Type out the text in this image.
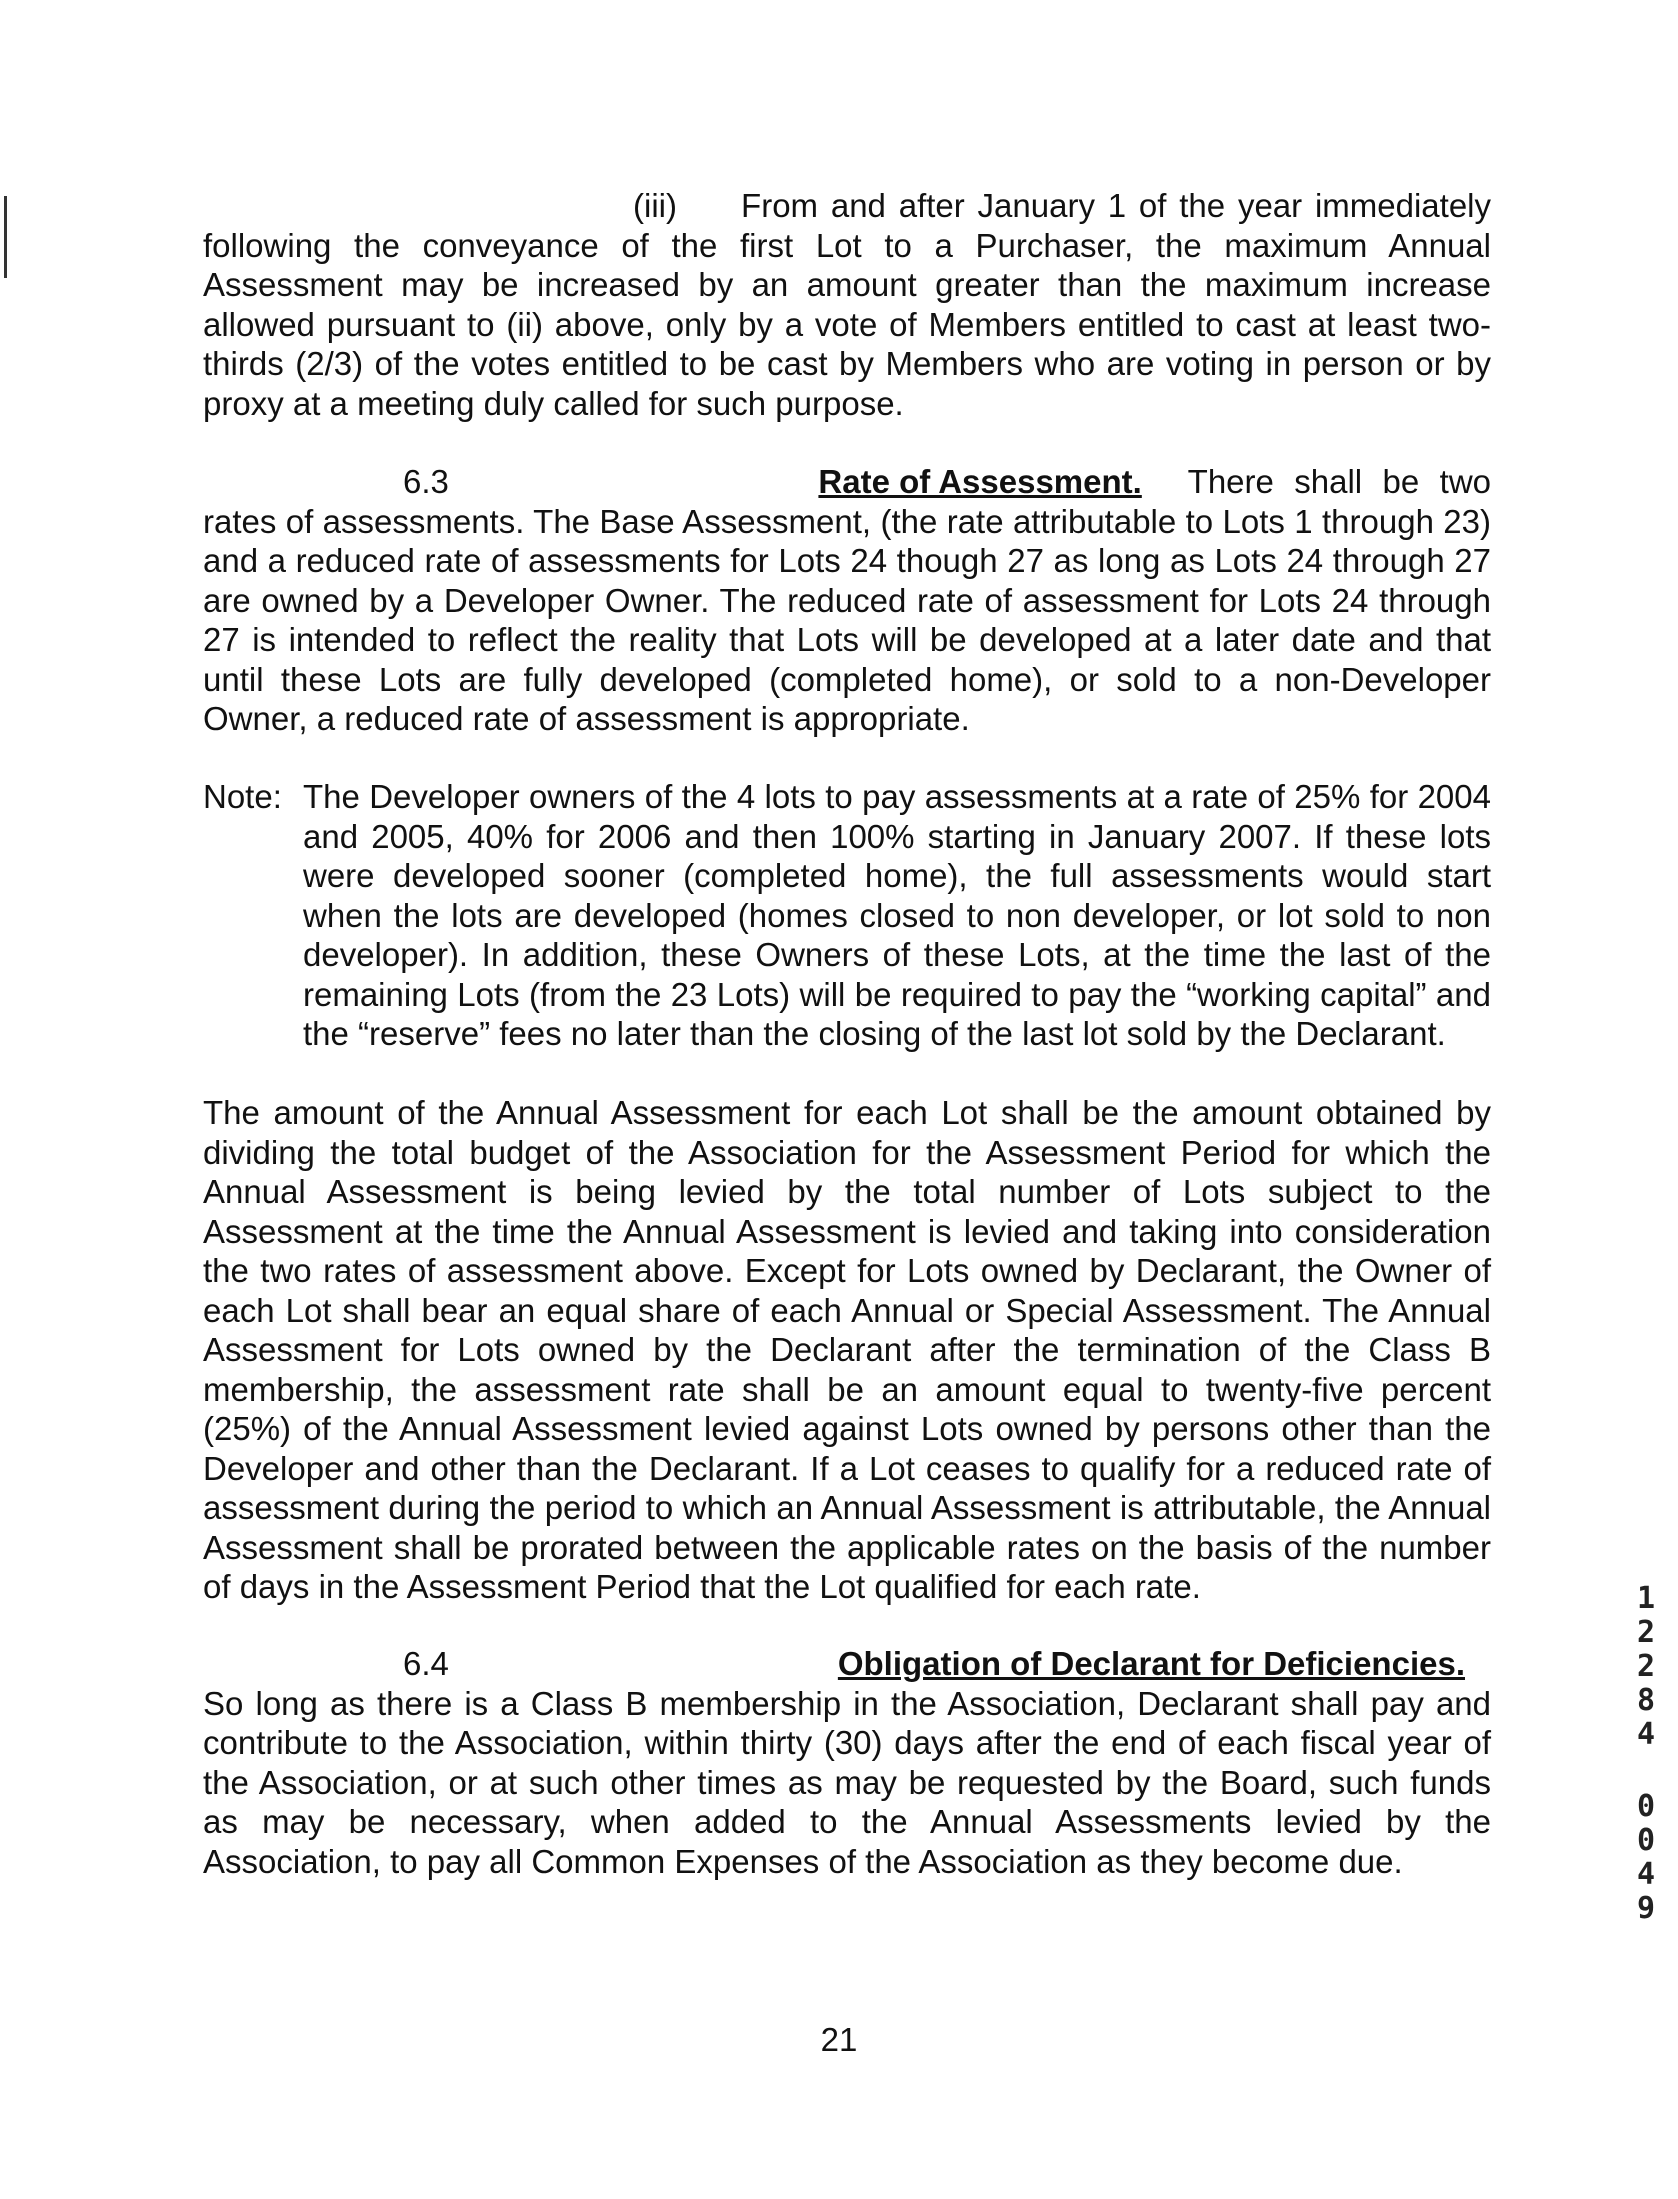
(iii) From and after January 1 of the year immediately following the conveyance of the first Lot to a Purchaser, the maximum Annual Assessment may be increased by an amount greater than the maximum increase allowed pursuant to (ii) above, only by a vote of Members entitled to cast at least two-thirds (2/3) of the votes entitled to be cast by Members who are voting in person or by proxy at a meeting duly called for such purpose.

6.3	Rate of Assessment. There shall be two rates of assessments. The Base Assessment, (the rate attributable to Lots 1 through 23) and a reduced rate of assessments for Lots 24 though 27 as long as Lots 24 through 27 are owned by a Developer Owner. The reduced rate of assessment for Lots 24 through 27 is intended to reflect the reality that Lots will be developed at a later date and that until these Lots are fully developed (completed home), or sold to a non-Developer Owner, a reduced rate of assessment is appropriate.

Note: The Developer owners of the 4 lots to pay assessments at a rate of 25% for 2004 and 2005, 40% for 2006 and then 100% starting in January 2007. If these lots were developed sooner (completed home), the full assessments would start when the lots are developed (homes closed to non developer, or lot sold to non developer). In addition, these Owners of these Lots, at the time the last of the remaining Lots (from the 23 Lots) will be required to pay the “working capital” and the “reserve” fees no later than the closing of the last lot sold by the Declarant.

The amount of the Annual Assessment for each Lot shall be the amount obtained by dividing the total budget of the Association for the Assessment Period for which the Annual Assessment is being levied by the total number of Lots subject to the Assessment at the time the Annual Assessment is levied and taking into consideration the two rates of assessment above. Except for Lots owned by Declarant, the Owner of each Lot shall bear an equal share of each Annual or Special Assessment. The Annual Assessment for Lots owned by the Declarant after the termination of the Class B membership, the assessment rate shall be an amount equal to twenty-five percent (25%) of the Annual Assessment levied against Lots owned by persons other than the Developer and other than the Declarant. If a Lot ceases to qualify for a reduced rate of assessment during the period to which an Annual Assessment is attributable, the Annual Assessment shall be prorated between the applicable rates on the basis of the number of days in the Assessment Period that the Lot qualified for each rate.

6.4	Obligation of Declarant for Deficiencies. So long as there is a Class B membership in the Association, Declarant shall pay and contribute to the Association, within thirty (30) days after the end of each fiscal year of the Association, or at such other times as may be requested by the Board, such funds as may be necessary, when added to the Annual Assessments levied by the Association, to pay all Common Expenses of the Association as they become due.

21
1
2
2
8
4
0
0
4
9
